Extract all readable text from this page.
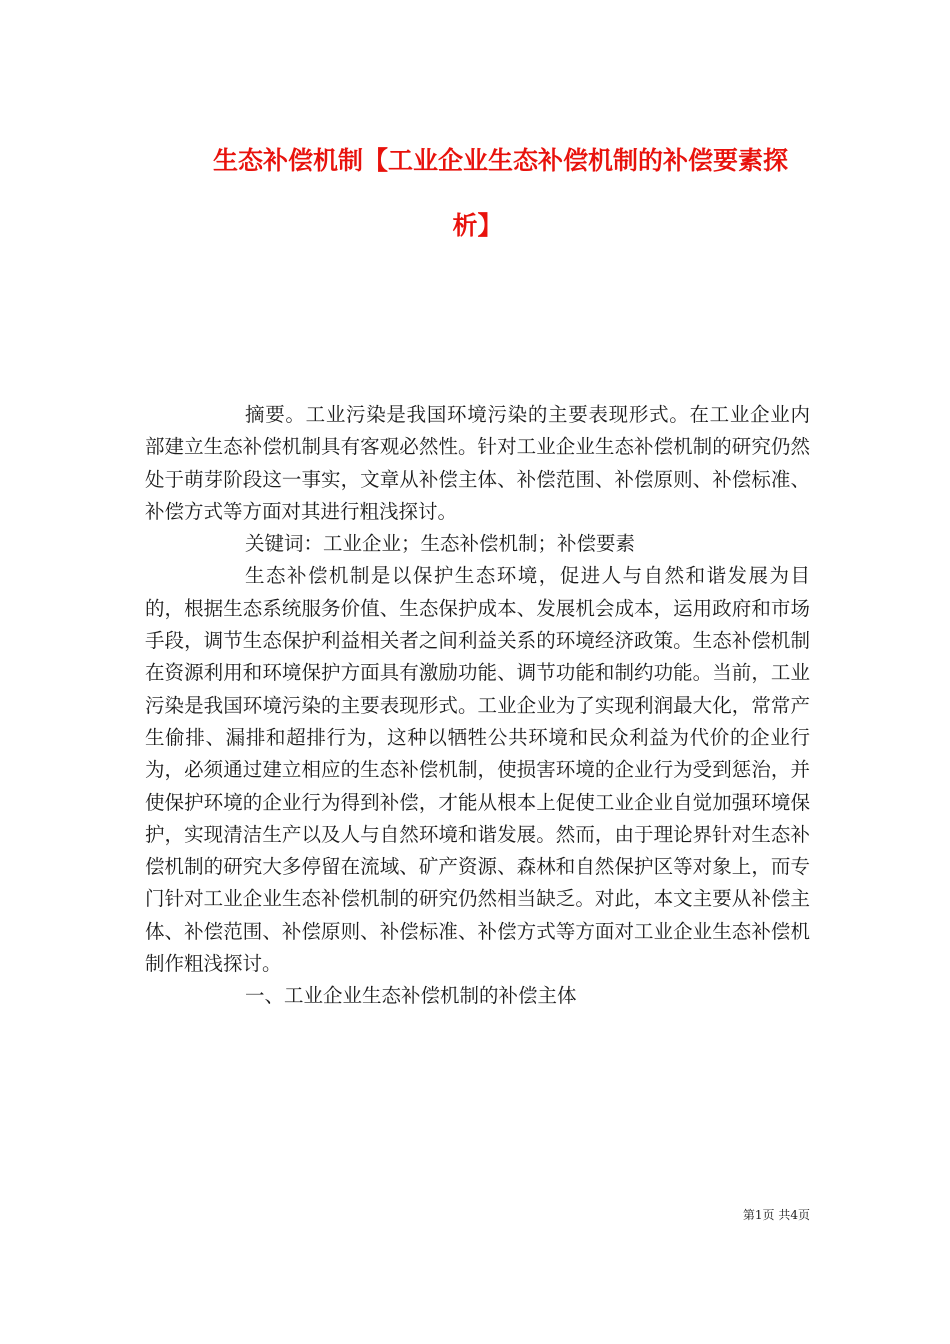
生态补偿机制【工业企业生态补偿机制的补偿要素探
析】

摘要。工业污染是我国环境污染的主要表现形式。在工业企业内部建立生态补偿机制具有客观必然性。针对工业企业生态补偿机制的研究仍然处于萌芽阶段这一事实，文章从补偿主体、补偿范围、补偿原则、补偿标准、补偿方式等方面对其进行粗浅探讨。

关键词：工业企业；生态补偿机制；补偿要素

生态补偿机制是以保护生态环境，促进人与自然和谐发展为目的，根据生态系统服务价值、生态保护成本、发展机会成本，运用政府和市场手段，调节生态保护利益相关者之间利益关系的环境经济政策。生态补偿机制在资源利用和环境保护方面具有激励功能、调节功能和制约功能。当前，工业污染是我国环境污染的主要表现形式。工业企业为了实现利润最大化，常常产生偷排、漏排和超排行为，这种以牺牲公共环境和民众利益为代价的企业行为，必须通过建立相应的生态补偿机制，使损害环境的企业行为受到惩治，并使保护环境的企业行为得到补偿，才能从根本上促使工业企业自觉加强环境保护，实现清洁生产以及人与自然环境和谐发展。然而，由于理论界针对生态补偿机制的研究大多停留在流域、矿产资源、森林和自然保护区等对象上，而专门针对工业企业生态补偿机制的研究仍然相当缺乏。对此，本文主要从补偿主体、补偿范围、补偿原则、补偿标准、补偿方式等方面对工业企业生态补偿机制作粗浅探讨。

一、工业企业生态补偿机制的补偿主体

第1页 共4页
